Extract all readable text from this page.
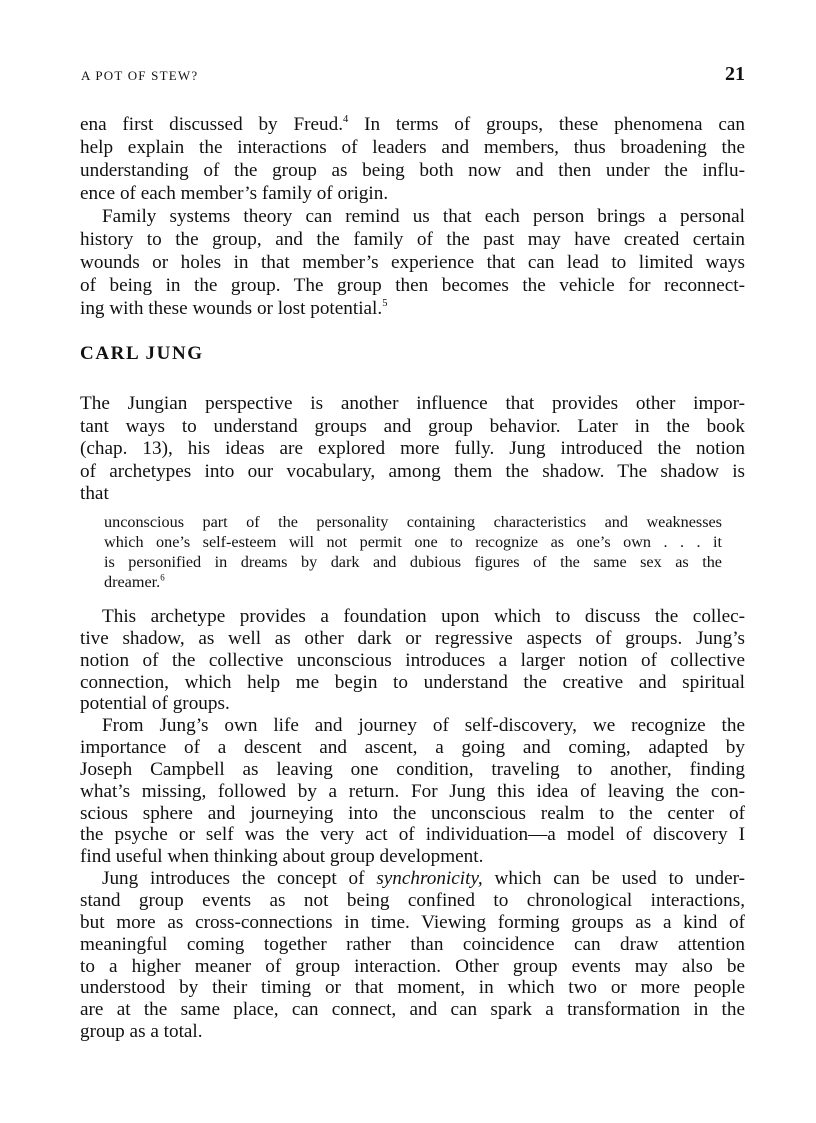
A POT OF STEW?	21
ena first discussed by Freud.$^4$ In terms of groups, these phenomena can
help explain the interactions of leaders and members, thus broadening the
understanding of the group as being both now and then under the influ-
ence of each member’s family of origin.
Family systems theory can remind us that each person brings a personal
history to the group, and the family of the past may have created certain
wounds or holes in that member’s experience that can lead to limited ways
of being in the group. The group then becomes the vehicle for reconnect-
ing with these wounds or lost potential.$^5$
CARL JUNG
The Jungian perspective is another influence that provides other impor-
tant ways to understand groups and group behavior. Later in the book
(chap. 13), his ideas are explored more fully. Jung introduced the notion
of archetypes into our vocabulary, among them the shadow. The shadow is
that
unconscious part of the personality containing characteristics and weaknesses
which one’s self-esteem will not permit one to recognize as one’s own . . . it
is personified in dreams by dark and dubious figures of the same sex as the
dreamer.$^6$
This archetype provides a foundation upon which to discuss the collec-
tive shadow, as well as other dark or regressive aspects of groups. Jung’s
notion of the collective unconscious introduces a larger notion of collective
connection, which help me begin to understand the creative and spiritual
potential of groups.
From Jung’s own life and journey of self-discovery, we recognize the
importance of a descent and ascent, a going and coming, adapted by
Joseph Campbell as leaving one condition, traveling to another, finding
what’s missing, followed by a return. For Jung this idea of leaving the con-
scious sphere and journeying into the unconscious realm to the center of
the psyche or self was the very act of individuation—a model of discovery I
find useful when thinking about group development.
Jung introduces the concept of synchronicity, which can be used to under-
stand group events as not being confined to chronological interactions,
but more as cross-connections in time. Viewing forming groups as a kind of
meaningful coming together rather than coincidence can draw attention
to a higher meaner of group interaction. Other group events may also be
understood by their timing or that moment, in which two or more people
are at the same place, can connect, and can spark a transformation in the
group as a total.
